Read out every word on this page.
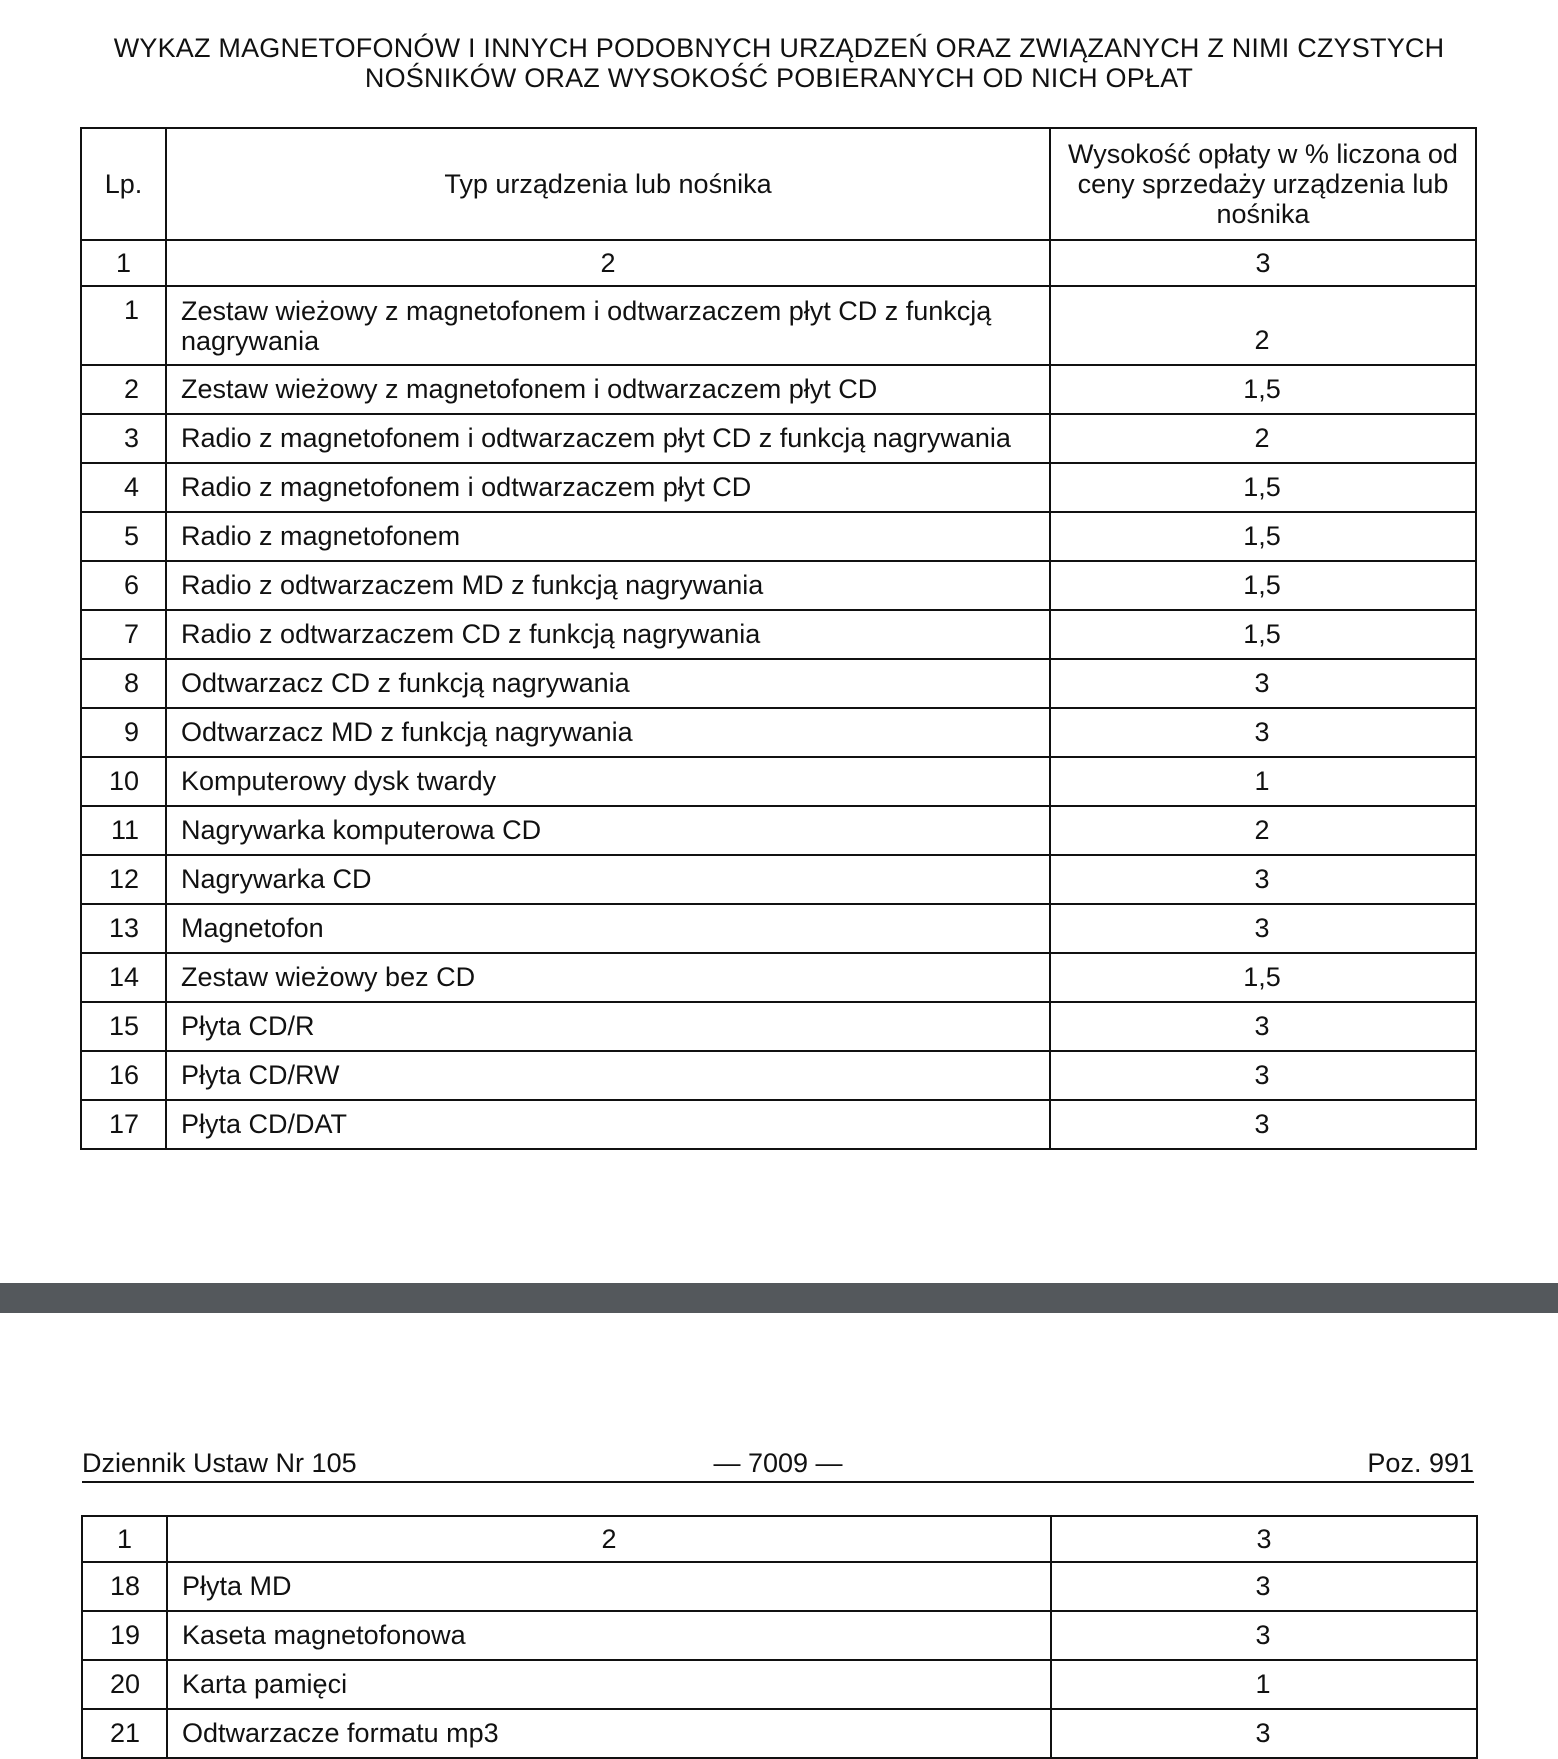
WYKAZ MAGNETOFONÓW I INNYCH PODOBNYCH URZĄDZEŃ ORAZ ZWIĄZANYCH Z NIMI CZYSTYCH
NOŚNIKÓW ORAZ WYSOKOŚĆ POBIERANYCH OD NICH OPŁAT
Lp.	Typ urządzenia lub nośnika	Wysokość opłaty w % liczona od ceny sprzedaży urządzenia lub nośnika
1	2	3
1	Zestaw wieżowy z magnetofonem i odtwarzaczem płyt CD z funkcją nagrywania	2
2	Zestaw wieżowy z magnetofonem i odtwarzaczem płyt CD	1,5
3	Radio z magnetofonem i odtwarzaczem płyt CD z funkcją nagrywania	2
4	Radio z magnetofonem i odtwarzaczem płyt CD	1,5
5	Radio z magnetofonem	1,5
6	Radio z odtwarzaczem MD z funkcją nagrywania	1,5
7	Radio z odtwarzaczem CD z funkcją nagrywania	1,5
8	Odtwarzacz CD z funkcją nagrywania	3
9	Odtwarzacz MD z funkcją nagrywania	3
10	Komputerowy dysk twardy	1
11	Nagrywarka komputerowa CD	2
12	Nagrywarka CD	3
13	Magnetofon	3
14	Zestaw wieżowy bez CD	1,5
15	Płyta CD/R	3
16	Płyta CD/RW	3
17	Płyta CD/DAT	3
Dziennik Ustaw Nr 105	— 7009 —	Poz. 991
1	2	3
18	Płyta MD	3
19	Kaseta magnetofonowa	3
20	Karta pamięci	1
21	Odtwarzacze formatu mp3	3
